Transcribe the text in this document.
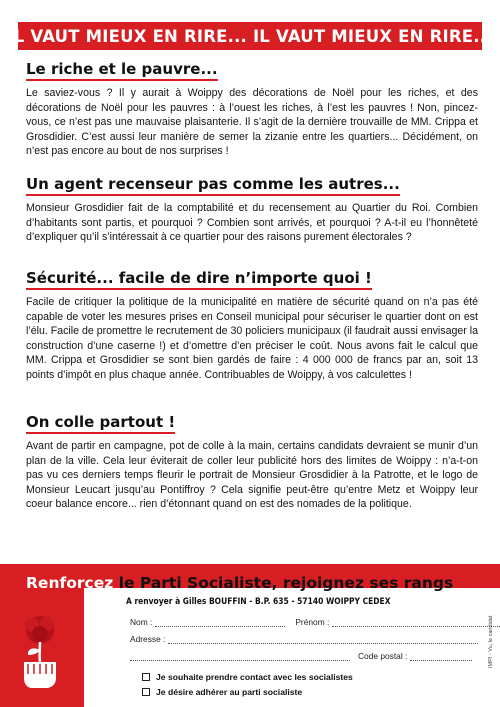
IL VAUT MIEUX EN RIRE... IL VAUT MIEUX EN RIRE...
Le riche et le pauvre...

Le saviez-vous ? Il y aurait à Woippy des décorations de Noël pour les riches, et des décorations de Noël pour les pauvres : à l’ouest les riches, à l’est les pauvres ! Non, pincez-vous, ce n’est pas une mauvaise plaisanterie. Il s’agit de la dernière trouvaille de MM. Crippa et Grosdidier. C’est aussi leur manière de semer la zizanie entre les quartiers... Décidément, on n’est pas encore au bout de nos surprises !

Un agent recenseur pas comme les autres...

Monsieur Grosdidier fait de la comptabilité et du recensement au Quartier du Roi. Combien d’habitants sont partis, et pourquoi ? Combien sont arrivés, et pourquoi ? A-t-il eu l’honnêteté d’expliquer qu’il s’intéressait à ce quartier pour des raisons purement électorales ?

Sécurité... facile de dire n’importe quoi !

Facile de critiquer la politique de la municipalité en matière de sécurité quand on n’a pas été capable de voter les mesures prises en Conseil municipal pour sécuriser le quartier dont on est l’élu. Facile de promettre le recrutement de 30 policiers municipaux (il faudrait aussi envisager la construction d’une caserne !) et d’omettre d’en préciser le coût. Nous avons fait le calcul que MM. Crippa et Grosdidier se sont bien gardés de faire : 4 000 000 de francs par an, soit 13 points d’impôt en plus chaque année. Contribuables de Woippy, à vos calculettes !

On colle partout !

Avant de partir en campagne, pot de colle à la main, certains candidats devraient se munir d’un plan de la ville. Cela leur éviterait de coller leur publicité hors des limites de Woippy : n’a-t-on pas vu ces derniers temps fleurir le portrait de Monsieur Grosdidier à la Patrotte, et le logo de Monsieur Leucart jusqu’au Pontiffroy ? Cela signifie peut-être qu’entre Metz et Woippy leur coeur balance encore... rien d’étonnant quand on est des nomades de la politique.

Renforcez le Parti Socialiste, rejoignez ses rangs
A renvoyer à Gilles BOUFFIN - B.P. 635 - 57140 WOIPPY CEDEX
Nom :	Prénom :
Adresse :
Code postal :
Je souhaite prendre contact avec les socialistes
Je désire adhérer au parti socialiste
IMPI - Vu, le candidat
